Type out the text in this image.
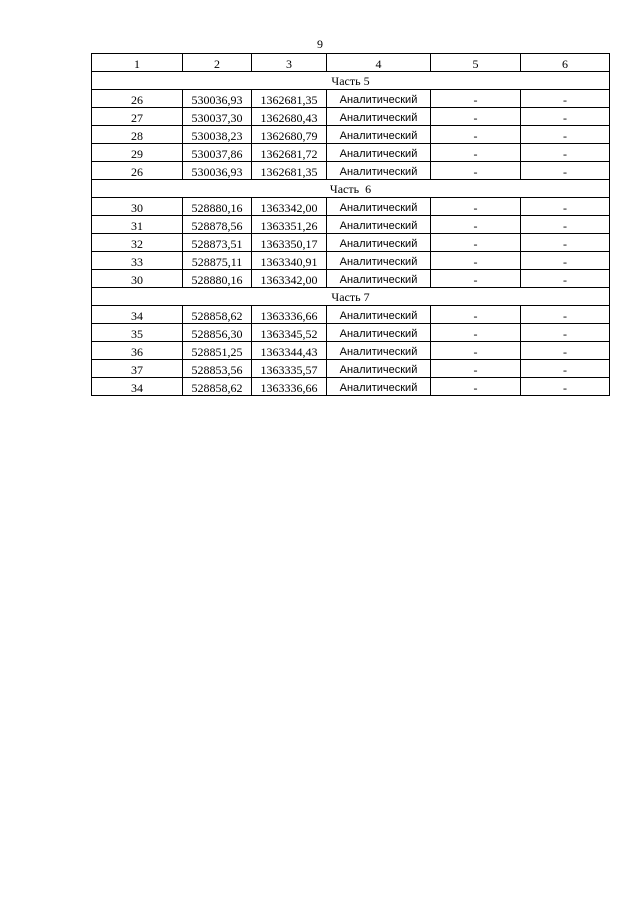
9
1	2	3	4	5	6
Часть 5					
26	530036,93	1362681,35	Аналитический	-	-
27	530037,30	1362680,43	Аналитический	-	-
28	530038,23	1362680,79	Аналитический	-	-
29	530037,86	1362681,72	Аналитический	-	-
26	530036,93	1362681,35	Аналитический	-	-
Часть  6					
30	528880,16	1363342,00	Аналитический	-	-
31	528878,56	1363351,26	Аналитический	-	-
32	528873,51	1363350,17	Аналитический	-	-
33	528875,11	1363340,91	Аналитический	-	-
30	528880,16	1363342,00	Аналитический	-	-
Часть 7					
34	528858,62	1363336,66	Аналитический	-	-
35	528856,30	1363345,52	Аналитический	-	-
36	528851,25	1363344,43	Аналитический	-	-
37	528853,56	1363335,57	Аналитический	-	-
34	528858,62	1363336,66	Аналитический	-	-
